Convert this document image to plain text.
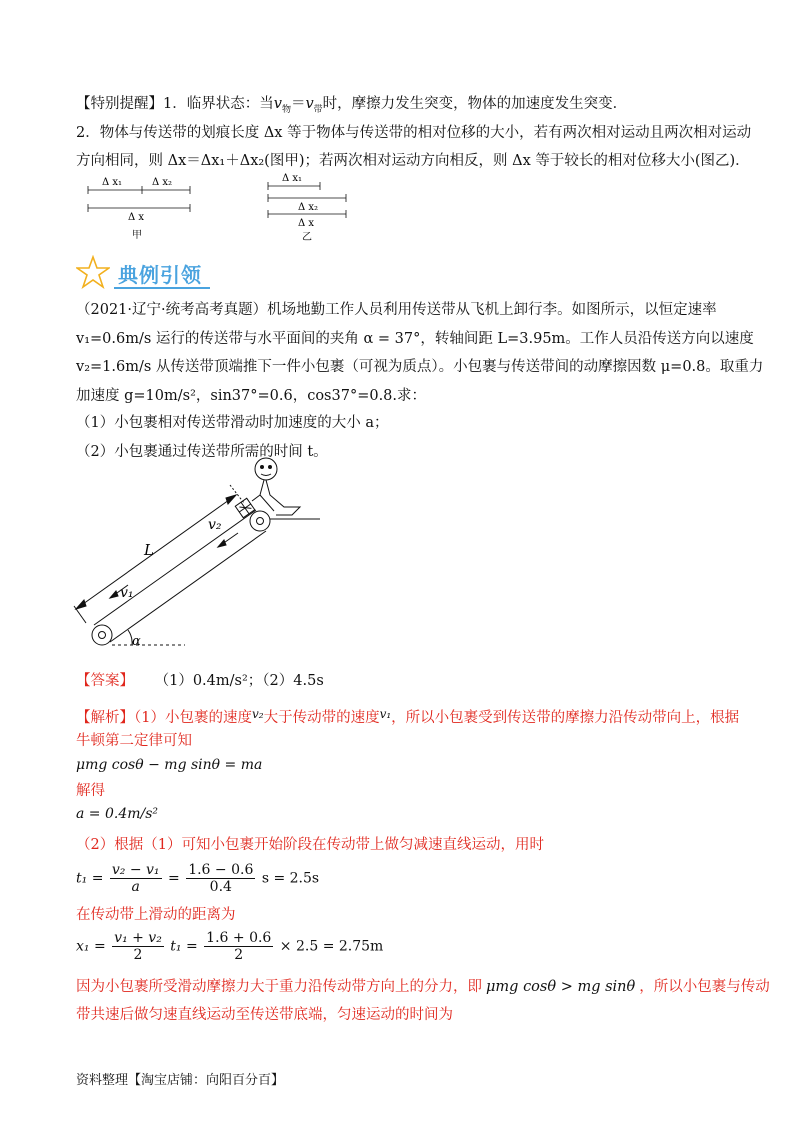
【特别提醒】1．临界状态：当$v_物=v_带$时，摩擦力发生突变，物体的加速度发生突变．
2．物体与传送带的划痕长度 Δx 等于物体与传送带的相对位移的大小，若有两次相对运动且两次相对运动
方向相同，则 Δx＝Δx₁＋Δx₂(图甲)；若两次相对运动方向相反，则 Δx 等于较长的相对位移大小(图乙)．
Δ x₁	Δ x₂
Δ x
甲
Δ x₁
Δ x₂
Δ x
乙
典例引领
（2021·辽宁·统考高考真题）机场地勤工作人员利用传送带从飞机上卸行李。如图所示，以恒定速率
v₁=0.6m/s 运行的传送带与水平面间的夹角 α = 37°，转轴间距 L=3.95m。工作人员沿传送方向以速度
v₂=1.6m/s 从传送带顶端推下一件小包裹（可视为质点）。小包裹与传送带间的动摩擦因数 μ=0.8。取重力
加速度 g=10m/s²，sin37°=0.6，cos37°=0.8.求：
（1）小包裹相对传送带滑动时加速度的大小 a；
（2）小包裹通过传送带所需的时间 t。
L
v₁
v₂
α
【答案】 （1）0.4m/s²；（2）4.5s
【解析】（1）小包裹的速度$^{v_2}$大于传动带的速度$^{v_1}$，所以小包裹受到传送带的摩擦力沿传动带向上，根据
牛顿第二定律可知
μmg cosθ − mg sinθ = ma
解得
a = 0.4m/s²
（2）根据（1）可知小包裹开始阶段在传动带上做匀减速直线运动，用时
$t_1 = \frac{\text{v₂ − v₁}}{a} = \frac{1.6 - 0.6}{0.4}$ s = 2.5s
在传动带上滑动的距离为
$x_1 = \frac{\text{v₁ + v₂}}{2} t_1 = \frac{1.6 + 0.6}{2} \times 2.5 = 2.75m$
因为小包裹所受滑动摩擦力大于重力沿传动带方向上的分力，即 μmg cosθ > mg sinθ ，所以小包裹与传动
带共速后做匀速直线运动至传送带底端，匀速运动的时间为
资料整理【淘宝店铺：向阳百分百】
